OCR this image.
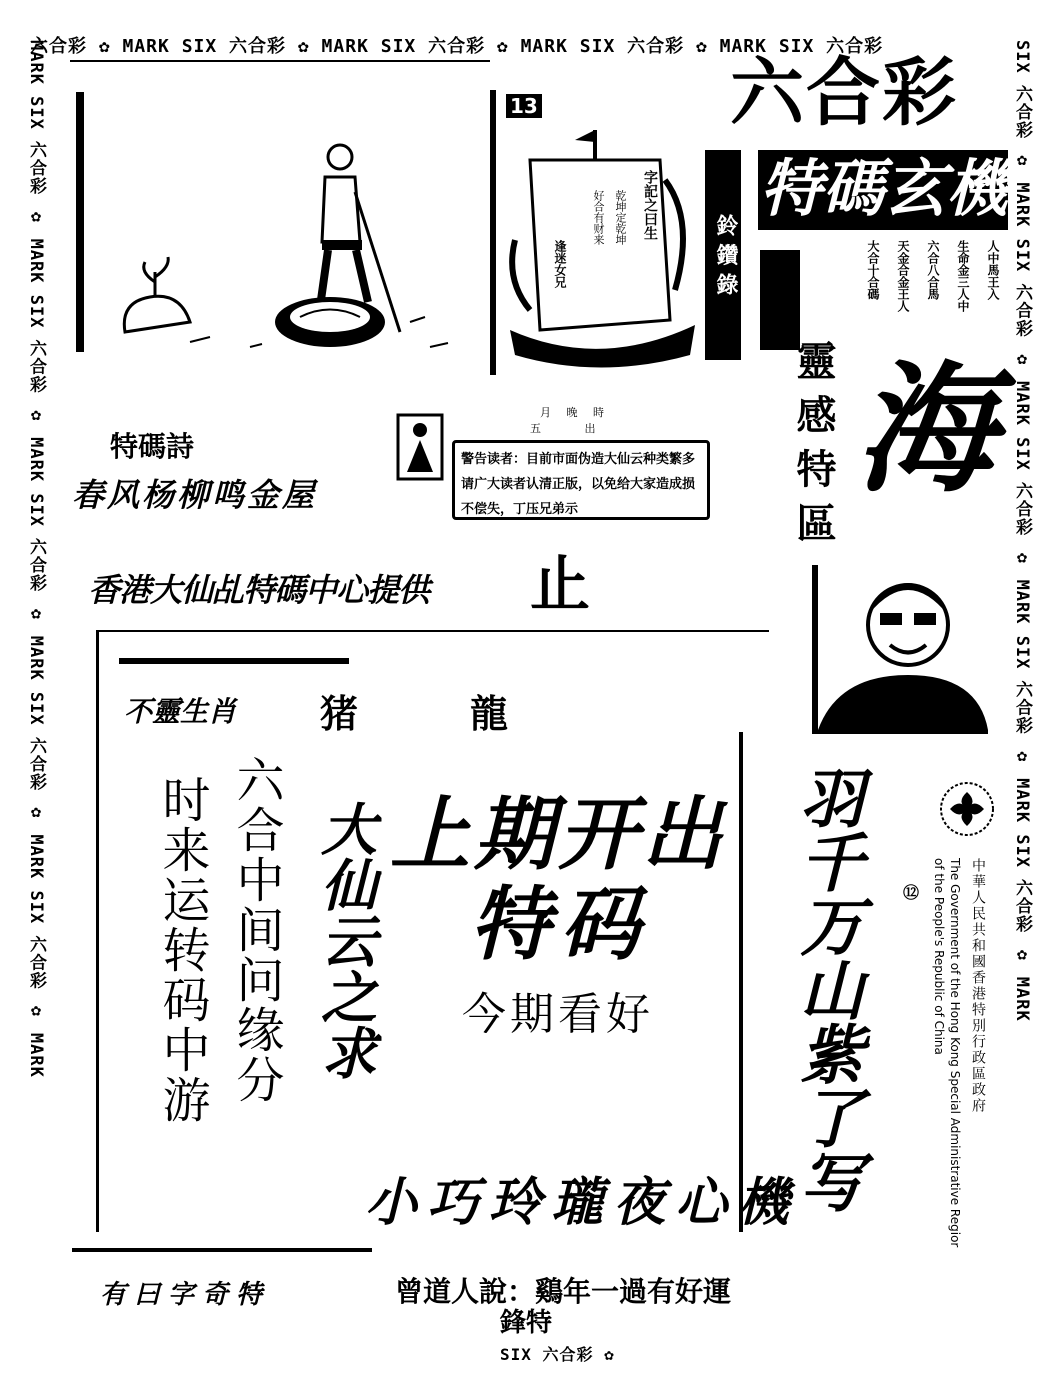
六合彩 ✿ MARK SIX 六合彩 ✿ MARK SIX 六合彩 ✿ MARK SIX 六合彩 ✿ MARK SIX 六合彩
MARK SIX 六合彩 ✿ MARK SIX 六合彩 ✿ MARK SIX 六合彩 ✿ MARK SIX 六合彩 ✿ MARK SIX 六合彩 ✿ MARK	SIX 六合彩 ✿ MARK SIX 六合彩 ✿ MARK SIX 六合彩 ✿ MARK SIX 六合彩 ✿ MARK SIX 六合彩 ✿ MARK
SIX 六合彩 ✿
13
字記之曰生
乾坤定乾坤
好合有财来
逢迷女兄
六合彩
特碼玄機
鈴 鑽 錄	人中馬王入
生命金三人中
六合八合馬
天金合金王人
大合十合碼
特碼詩
春风杨柳鸣金屋
月 晚 時
五 出
警告读者：目前市面伪造大仙云种类繁多请广大读者认清正版，以免给大家造成损不偿失，丁压兄弟示	靈感特區 海
香港大仙乩特碼中心提供 止
不靈生肖 猪	龍
时来运转码中游 六合中间问缘分 大仙云之求 上期开出
特码
今期看好
小巧玲瓏夜心機
羽千万山紫了写	中華人民共和國香港特別行政區政府
The Government of the Hong Kong Special Administrative Regior
of the People's Republic of China
⑫
有曰字奇特	曾道人說：鷄年一過有好運
鋒特
